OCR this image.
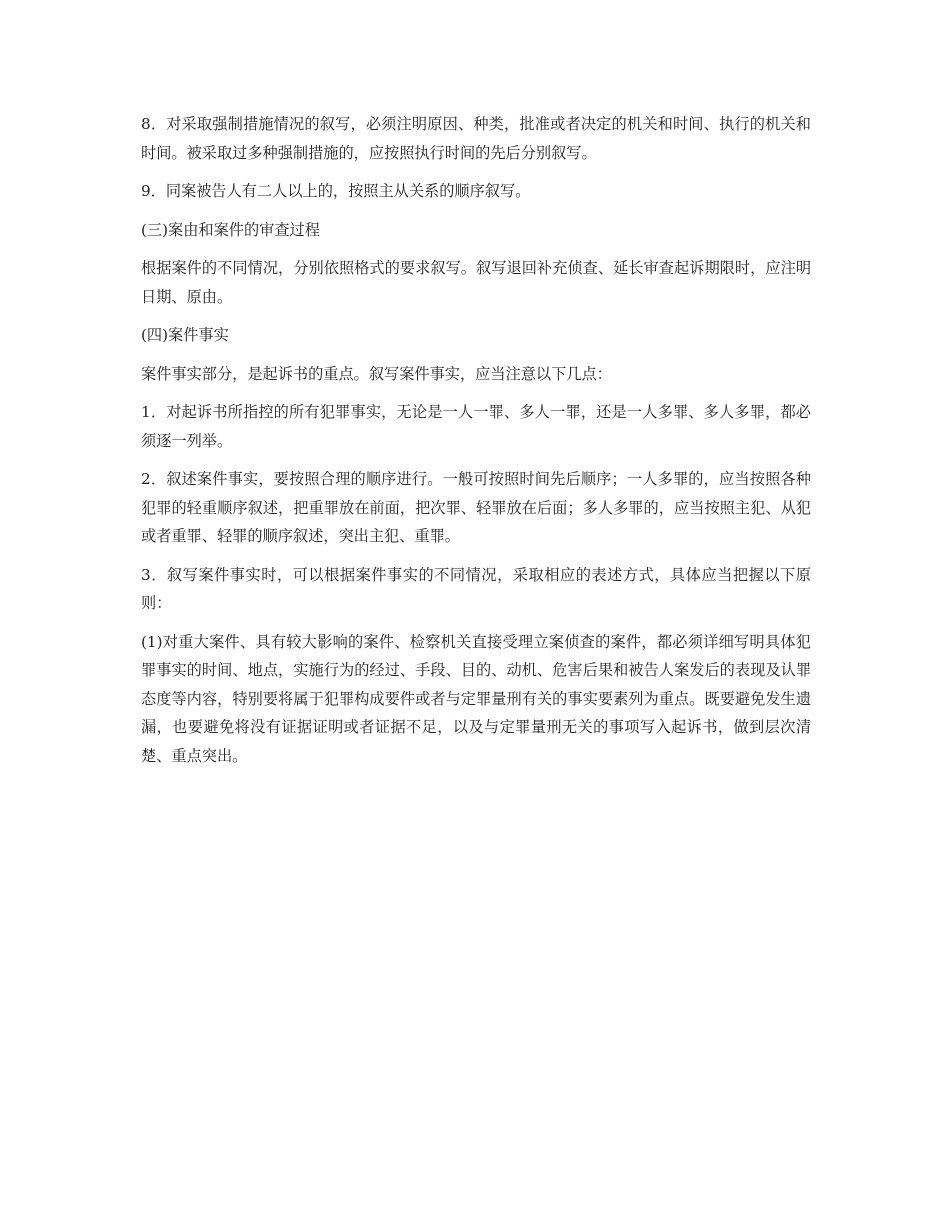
8．对采取强制措施情况的叙写，必须注明原因、种类，批准或者决定的机关和时间、执行的机关和时间。被采取过多种强制措施的，应按照执行时间的先后分别叙写。

9．同案被告人有二人以上的，按照主从关系的顺序叙写。

(三)案由和案件的审查过程

根据案件的不同情况，分别依照格式的要求叙写。叙写退回补充侦查、延长审查起诉期限时，应注明日期、原由。

(四)案件事实

案件事实部分，是起诉书的重点。叙写案件事实，应当注意以下几点：

1．对起诉书所指控的所有犯罪事实，无论是一人一罪、多人一罪，还是一人多罪、多人多罪，都必须逐一列举。

2．叙述案件事实，要按照合理的顺序进行。一般可按照时间先后顺序；一人多罪的，应当按照各种犯罪的轻重顺序叙述，把重罪放在前面，把次罪、轻罪放在后面；多人多罪的，应当按照主犯、从犯或者重罪、轻罪的顺序叙述，突出主犯、重罪。

3．叙写案件事实时，可以根据案件事实的不同情况，采取相应的表述方式，具体应当把握以下原则：

(1)对重大案件、具有较大影响的案件、检察机关直接受理立案侦查的案件，都必须详细写明具体犯罪事实的时间、地点，实施行为的经过、手段、目的、动机、危害后果和被告人案发后的表现及认罪态度等内容，特别要将属于犯罪构成要件或者与定罪量刑有关的事实要素列为重点。既要避免发生遗漏，也要避免将没有证据证明或者证据不足，以及与定罪量刑无关的事项写入起诉书，做到层次清楚、重点突出。
